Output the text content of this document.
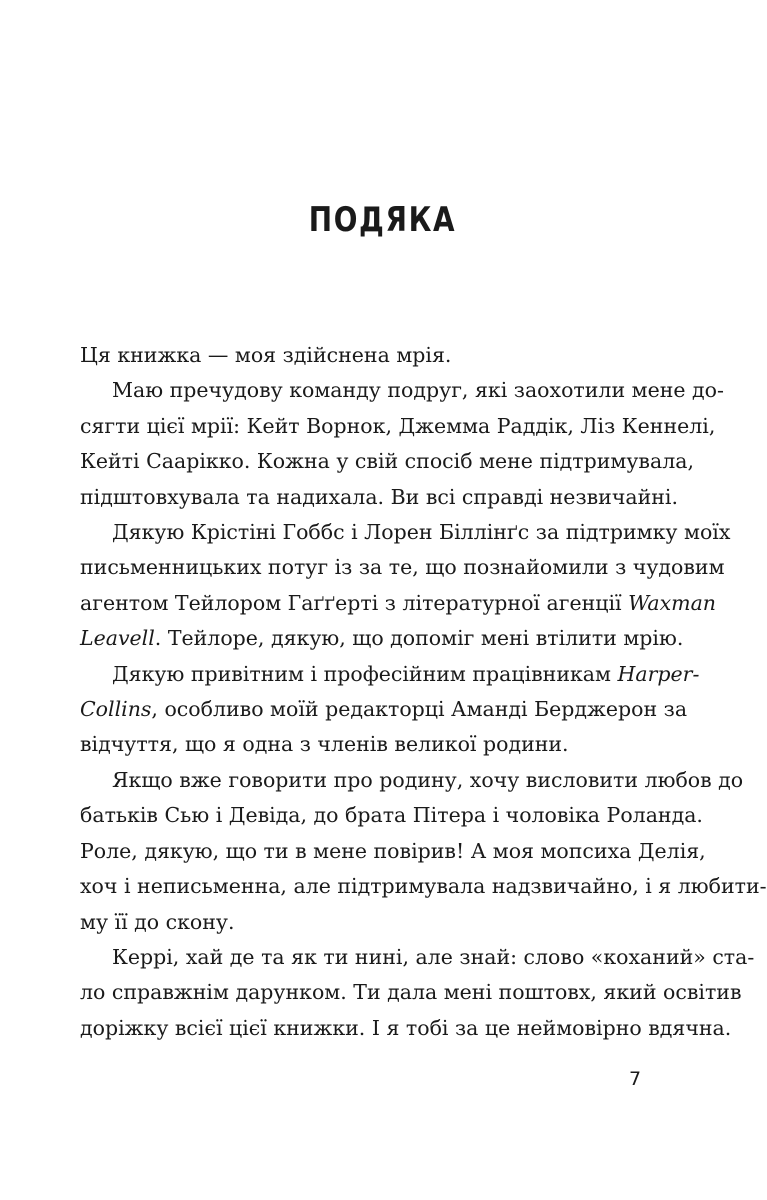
ПОДЯКА
Ця книжка — моя здійснена мрія.
Маю пречудову команду подруг, які заохотили мене до-
сягти цієї мрії: Кейт Ворнок, Джемма Раддік, Ліз Кеннелі,
Кейті Саарікко. Кожна у свій спосіб мене підтримувала,
підштовхувала та надихала. Ви всі справді незвичайні.
Дякую Крістіні Гоббс і Лорен Біллінґс за підтримку моїх
письменницьких потуг із за те, що познайомили з чудовим
агентом Тейлором Гаґґерті з літературної агенції Waxman
Leavell. Тейлоре, дякую, що допоміг мені втілити мрію.
Дякую привітним і професійним працівникам Harper-
Collins, особливо моїй редакторці Аманді Берджерон за
відчуття, що я одна з членів великої родини.
Якщо вже говорити про родину, хочу висловити любов до
батьків Сью і Девіда, до брата Пітера і чоловіка Роланда.
Роле, дякую, що ти в мене повірив! А моя мопсиха Делія,
хоч і неписьменна, але підтримувала надзвичайно, і я любити-
му її до скону.
Керрі, хай де та як ти нині, але знай: слово «коханий» ста-
ло справжнім дарунком. Ти дала мені поштовх, який освітив
доріжку всієї цієї книжки. І я тобі за це неймовірно вдячна.
7
